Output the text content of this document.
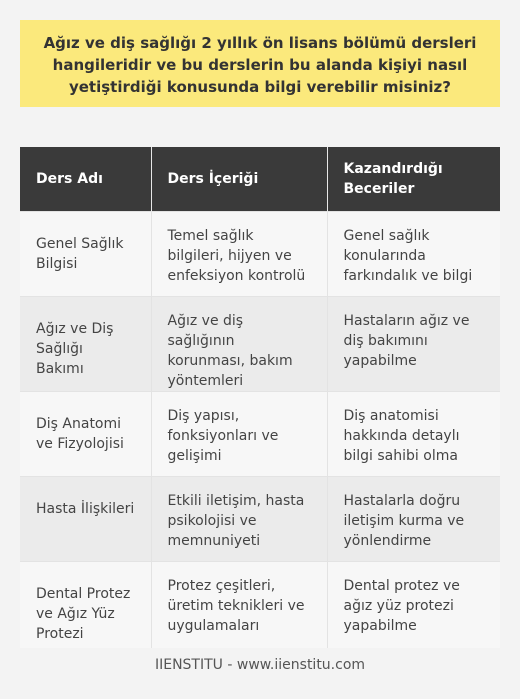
Ağız ve diş sağlığı 2 yıllık ön lisans bölümü dersleri hangileridir ve bu derslerin bu alanda kişiyi nasıl yetiştirdiği konusunda bilgi verebilir misiniz?
Ders Adı	Ders İçeriği	Kazandırdığı Beceriler
Genel Sağlık Bilgisi	Temel sağlık bilgileri, hijyen ve enfeksiyon kontrolü	Genel sağlık konularında farkındalık ve bilgi
Ağız ve Diş Sağlığı Bakımı	Ağız ve diş sağlığının korunması, bakım yöntemleri	Hastaların ağız ve diş bakımını yapabilme
Diş Anatomi ve Fizyolojisi	Diş yapısı, fonksiyonları ve gelişimi	Diş anatomisi hakkında detaylı bilgi sahibi olma
Hasta İlişkileri	Etkili iletişim, hasta psikolojisi ve memnuniyeti	Hastalarla doğru iletişim kurma ve yönlendirme
Dental Protez ve Ağız Yüz Protezi	Protez çeşitleri, üretim teknikleri ve uygulamaları	Dental protez ve ağız yüz protezi yapabilme
IIENSTITU - www.iienstitu.com
